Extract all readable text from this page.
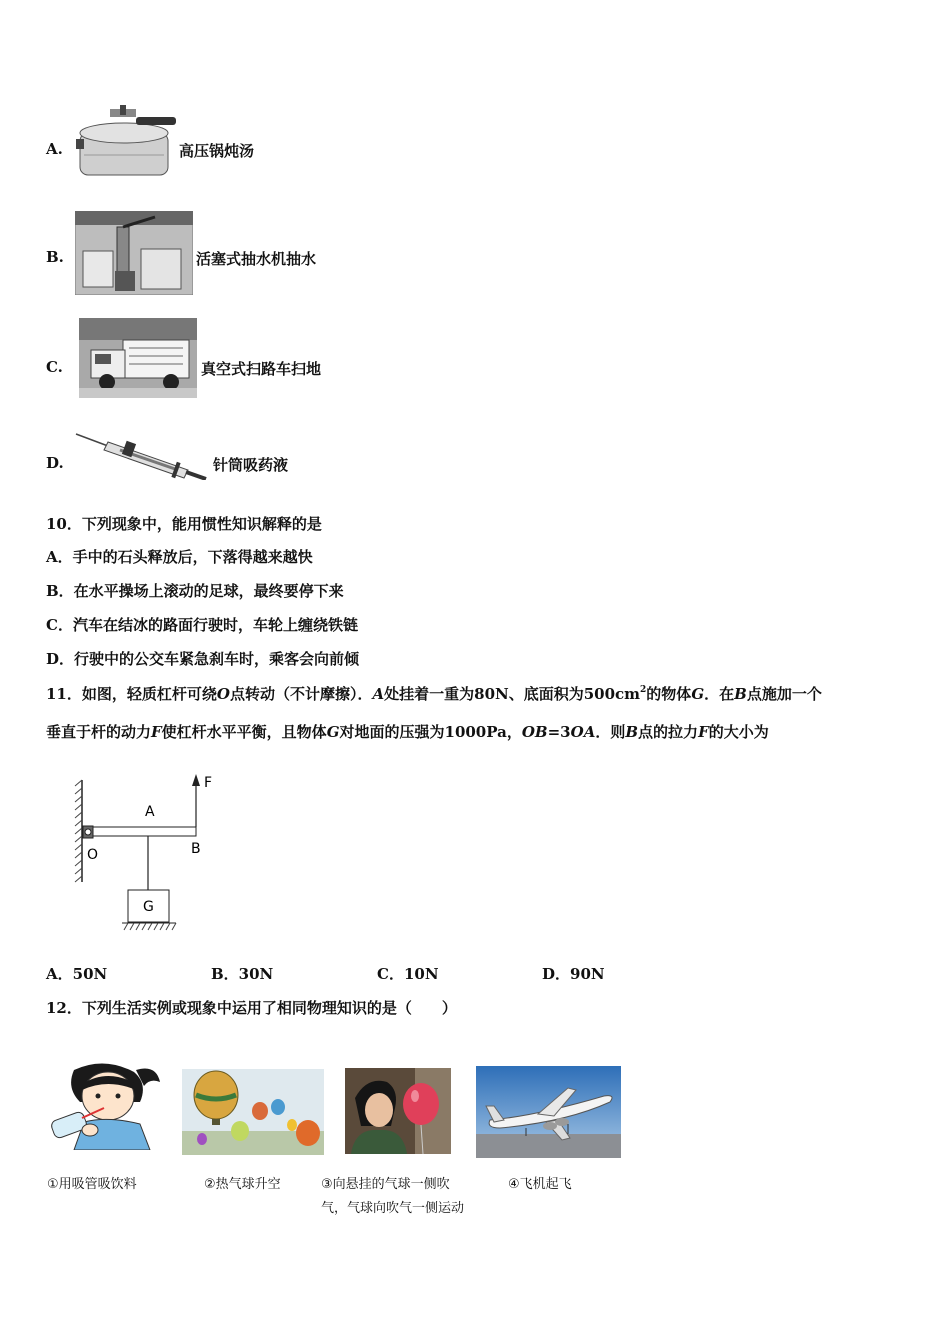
A.	高压锅炖汤
B.	活塞式抽水机抽水
C.	真空式扫路车扫地
D.	针筒吸药液
10．下列现象中，能用惯性知识解释的是
A．手中的石头释放后，下落得越来越快
B．在水平操场上滚动的足球，最终要停下来
C．汽车在结冰的路面行驶时，车轮上缠绕铁链
D．行驶中的公交车紧急刹车时，乘客会向前倾
11．如图，轻质杠杆可绕O点转动（不计摩擦）．A处挂着一重为80N、底面积为$500cm^2$的物体G．在B点施加一个
垂直于杆的动力F使杠杆水平平衡，且物体G对地面的压强为1000Pa，OB=3OA．则B点的拉力F的大小为
F
A
O	B
G
A．50N	B．30N	C．10N	D．90N
12．下列生活实例或现象中运用了相同物理知识的是（　　）
①用吸管吸饮料	②热气球升空	③向悬挂的气球一侧吹
气，气球向吹气一侧运动
④飞机起飞
